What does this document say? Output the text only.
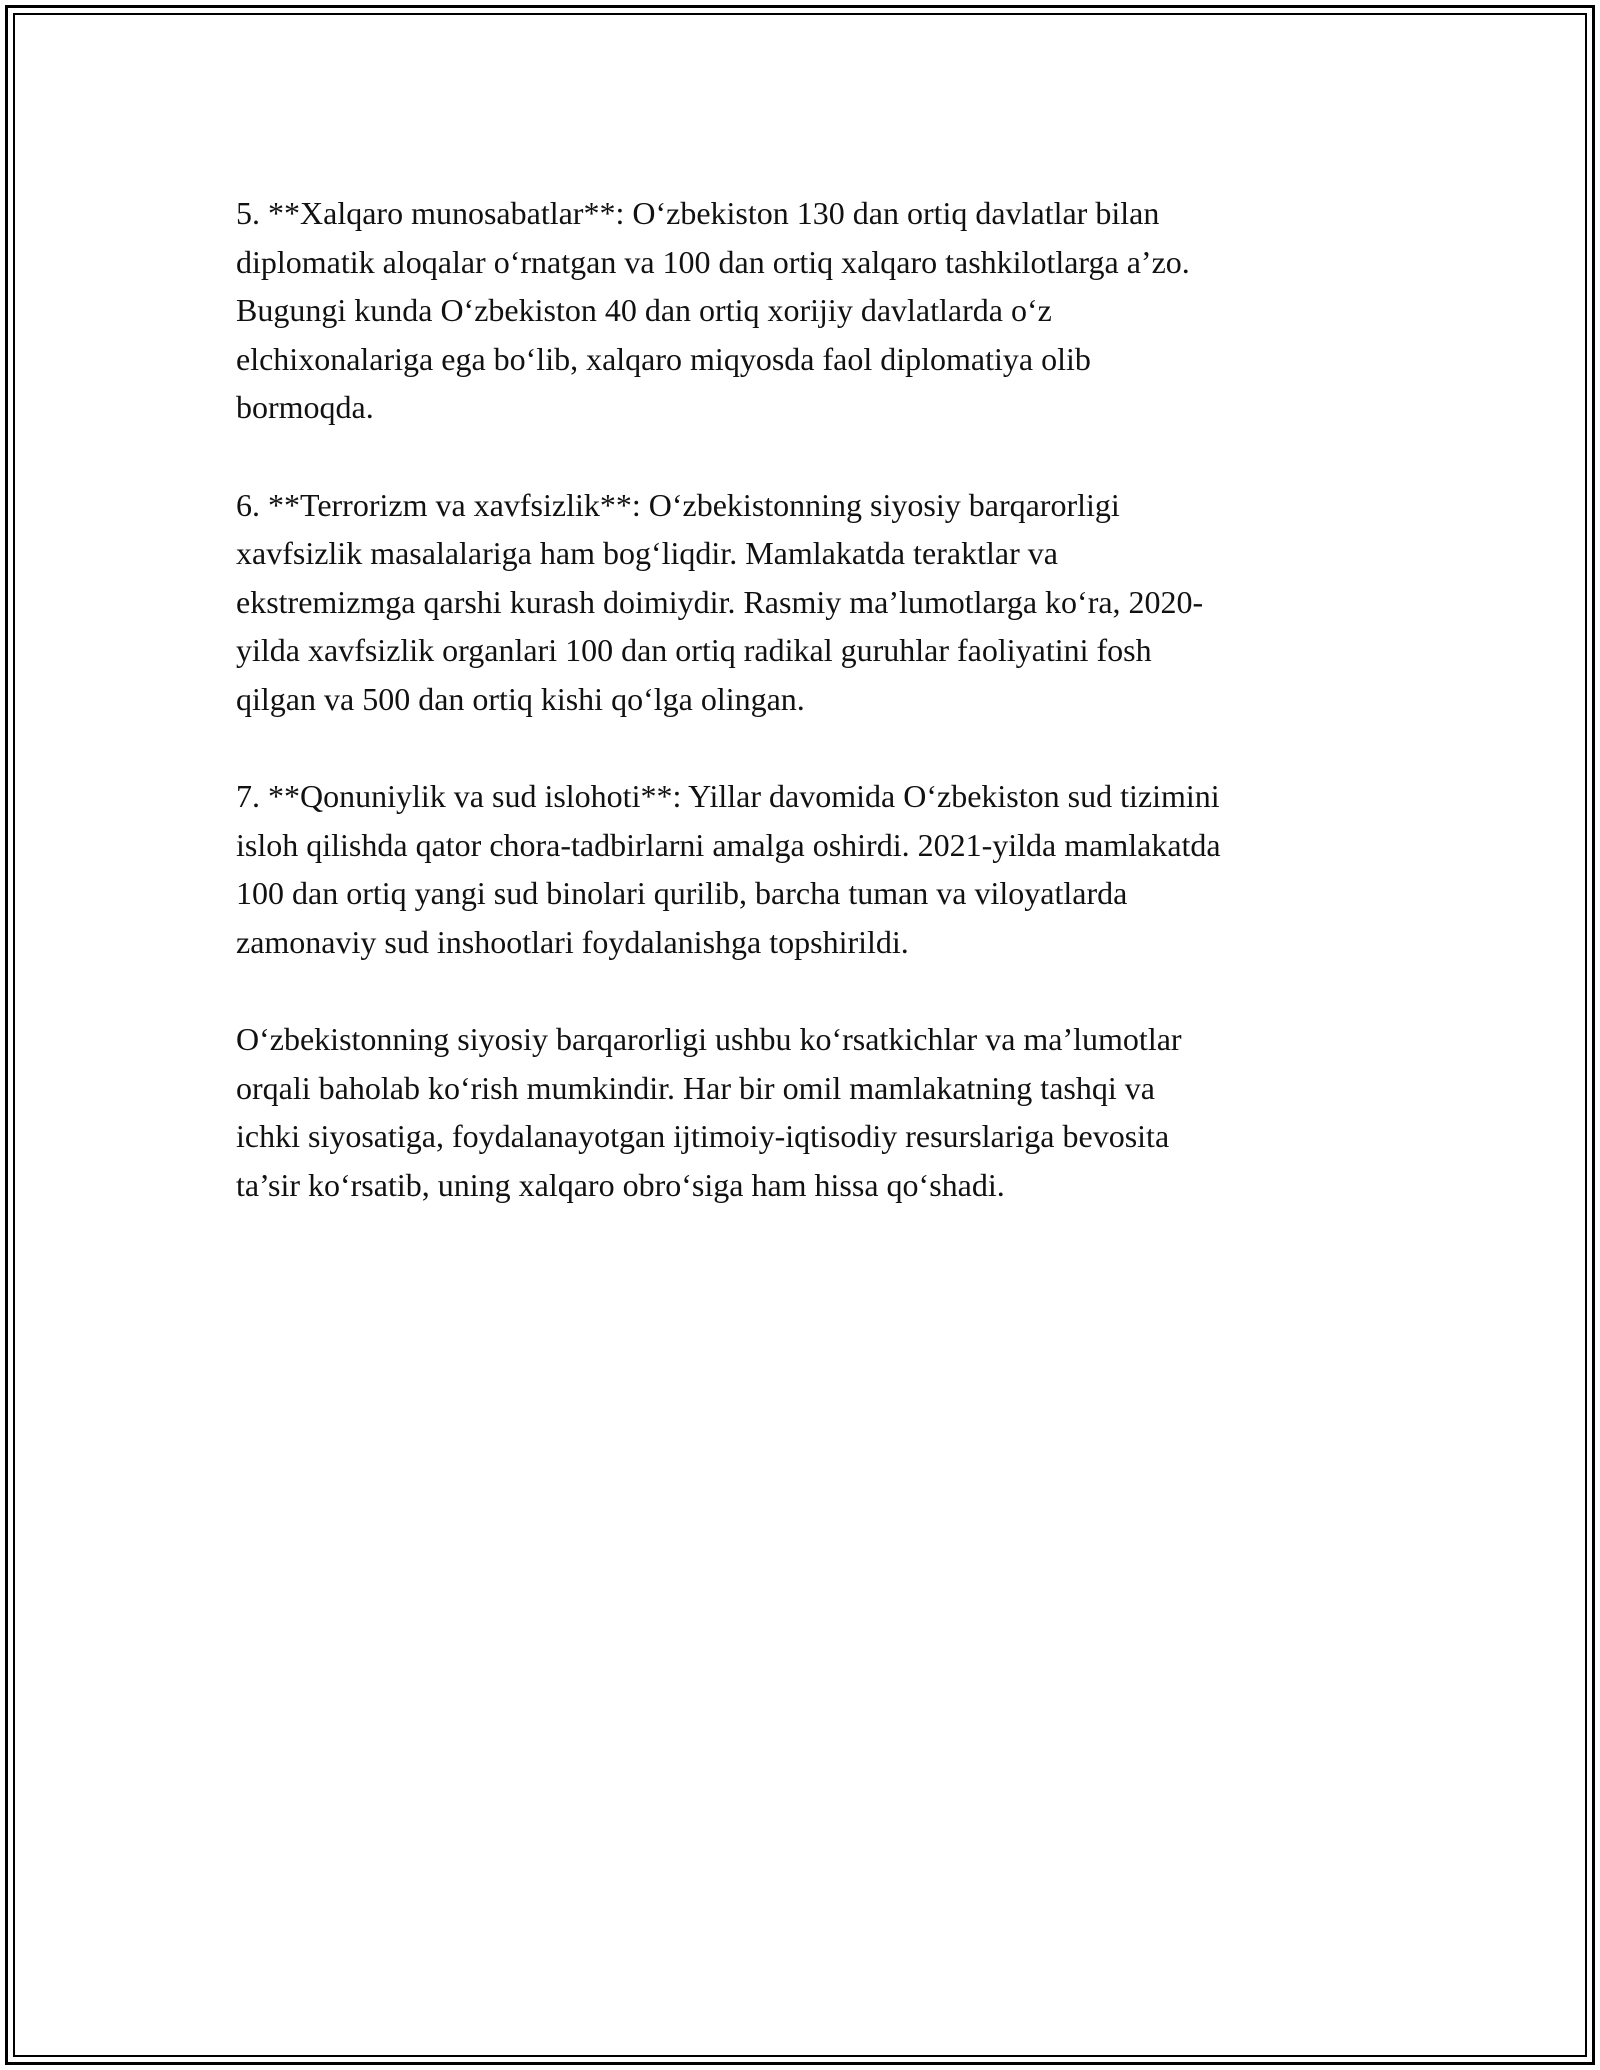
5. **Xalqaro munosabatlar**: O‘zbekiston 130 dan ortiq davlatlar bilan
diplomatik aloqalar o‘rnatgan va 100 dan ortiq xalqaro tashkilotlarga a’zo.
Bugungi kunda O‘zbekiston 40 dan ortiq xorijiy davlatlarda o‘z
elchixonalariga ega bo‘lib, xalqaro miqyosda faol diplomatiya olib
bormoqda.

6. **Terrorizm va xavfsizlik**: O‘zbekistonning siyosiy barqarorligi
xavfsizlik masalalariga ham bog‘liqdir. Mamlakatda teraktlar va
ekstremizmga qarshi kurash doimiydir. Rasmiy ma’lumotlarga ko‘ra, 2020-
yilda xavfsizlik organlari 100 dan ortiq radikal guruhlar faoliyatini fosh
qilgan va 500 dan ortiq kishi qo‘lga olingan.

7. **Qonuniylik va sud islohoti**: Yillar davomida O‘zbekiston sud tizimini
isloh qilishda qator chora-tadbirlarni amalga oshirdi. 2021-yilda mamlakatda
100 dan ortiq yangi sud binolari qurilib, barcha tuman va viloyatlarda
zamonaviy sud inshootlari foydalanishga topshirildi.

O‘zbekistonning siyosiy barqarorligi ushbu ko‘rsatkichlar va ma’lumotlar
orqali baholab ko‘rish mumkindir. Har bir omil mamlakatning tashqi va
ichki siyosatiga, foydalanayotgan ijtimoiy-iqtisodiy resurslariga bevosita
ta’sir ko‘rsatib, uning xalqaro obro‘siga ham hissa qo‘shadi.
